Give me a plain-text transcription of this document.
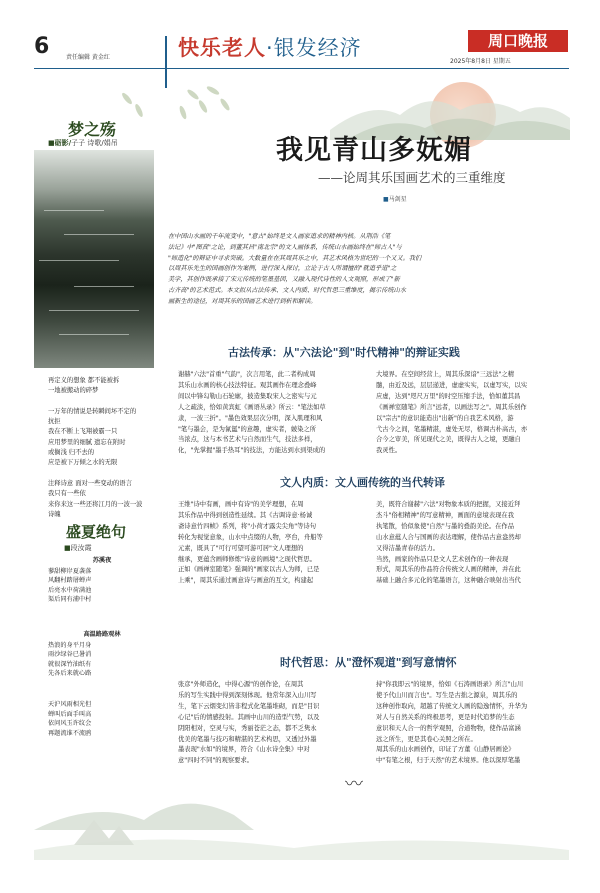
6	责任编辑 黄金红	快乐老人·银发经济	周口晚报
2025年8月8日 星期五
梦之殇
■砺影/子子 诗歌/娟吊
再定义的想象 都不能被拆
一地被搬动的碎梦

一万年的情说是转瞬间坏不定的
抗拒
我在不断上飞翔被霸一只
应用梦里的细腻 遗忘在附时
或搁浅 归不去的
应是被下万倾之水的无限

注释诗意 面对一些变动的语言
我只有一些依
来你来这一些还将江月的一波一波
诗魄
盛夏绝句
■段汝霞
苏溪夜
蓼甜柳岸夏袭落
风翻村踏屠蝉声
后亮水中荷满池
渠后同有浦中村
高温路路观林
热浪的身平月身
雨沙绿谷已暑消
就很深竹油纸有
先各后来就心路
天沪风雨相光但
蝉叫后面手叫高
依问风玉许纹会
再题流谁不流鸥
我见青山多妩媚
——论周其乐国画艺术的三重维度
■马剑星
在中国山水画的千年流变中，"意古"始终是文人画家追求的精神内核。从荆浩《笔
法记》中"图真"之论，到董其昌"南北宗"的文人画体系，传统山水画始终在"师古人"与
"师造化"的辩证中寻求突破。大数量在在其周其乐之中，其艺术风格为世纪的一个又又。我们
以周其乐先生的国画创作为案例，进行深入探讨，立论于古人所谓擅的"就追乎道"之
美学，其创作既承接了宋元传统的笔墨基因，又融入现代诗性的人文观照，形成了"新
古齐高"的艺术范式。本文拟从古法传承、文人内质、时代哲思三重维度，揭示传统山水
画新生的途径，对周其乐的国画艺术进行到析和解读。
古法传承：从"六法论"到"时代精神"的辩证实践
谢赫"六法"首重"气韵"，次言用笔，此二者构成周
其乐山水画的核心技法特征。观其画作在理念叠峰
间以中锋勾勒山石轮廓，披造集取宋人之密实与元
人之疏淡，恰如黄宾虹《画语丛录》所云："笔法如草
隶，一波三折"。"墨色效果层次分明，深入肌理和风
"笔与墨会，是为氤氲"的意趣，虚实者，皴染之所
当浓点，这与本书艺术与自然而生气，技法多样，
化，"先掌握"墨手热耳"的技法，方能达到水到渠成的
大境界。在空间经营上，周其乐深谙"三远法"之精
髓，由近及远，层层递进，虚虚实实，以虚写实，以实
应虚，达到"咫尺万里"的时空压缩手法，恰如董其昌
《画禅室随笔》所言"远者，以画法写之"。周其乐创作
以"宗古"的意识能造出"出新"的自我艺术风格，游
弋古今之间，笔墨精湛，虚处无尽，格调古朴高古，亦
合今之审美，所见现代之美，既得古人之境，更融自
我灵性。
文人内质：文人画传统的当代转译
王维"诗中有画，画中有诗"的美学理想，在周
其乐作品中得到创造性延续。其《古调诗意·杨诚
斋诗意竹四帧》系列，将"小荷才露尖尖角"等诗句
转化为视觉意象，山水中点缀的人物，亭台，舟船等
元素，既具了"可行可望可游可居"文人理想的
继承，更蕴含画师修炼"诗意的画境"之现代哲思。
正如《画禅室随笔》强调的"画家以古人为师，已是
上乘"，周其乐通过画意诗与画意的互文，构建起
美，既符合谢赫"六法"对物象本质的把握，又接近拜
杰斗"俗相精神"的写意精神，画面的意境表现在我
执笔散，恰似象使"自然"与墨的叠韵美论。在作品
山水意蕴人合与国画的表达理解，使作品古意盎然却
又得洁墨青春的活力。
当然，画家的作品只是文人艺术创作的一种表现
形式，周其乐的作品符合传统文人画的精神，并在此
基础上融合多元化的笔墨语言，这种融合映射出当代
时代哲思：从"澄怀观道"到写意情怀
张彦"外师造化，中得心源"的创作论，在周其
乐的写生实践中得到深刻体现。他常年深入山川写
生，笔下云烟变幻皆非程式化笔墨堆砌，而是"目识
心记"后的情感投射。其画中山川的造型气势，以及
阴阳相对，空灵与实，秀丽苍茫之态，都不乏隽永
优美的笔墨与技巧和精湛的艺术构思，又透过外墨
墨表现"水如"的境界，符合《山水诗全集》中对
意"四时不同"的观察要求。
持"你我即云"的境界，恰如《石涛画语录》所言"山川
使予代山川而言也"。写生是古拙之源泉，周其乐的
这种创作取向，超越了传统文人画的隐逸情怀，升华为
对人与自然关系的终极思考，更是时代追梦的生态
意识和天人合一的哲学观照，合道物物，使作品富涵
远之所生，更是其卷心关照之所在。
周其乐的山水画创作，印证了方董《山静居画论》
中"有笔之根，归于天然"的艺术境界。他以深厚笔墨
〰
